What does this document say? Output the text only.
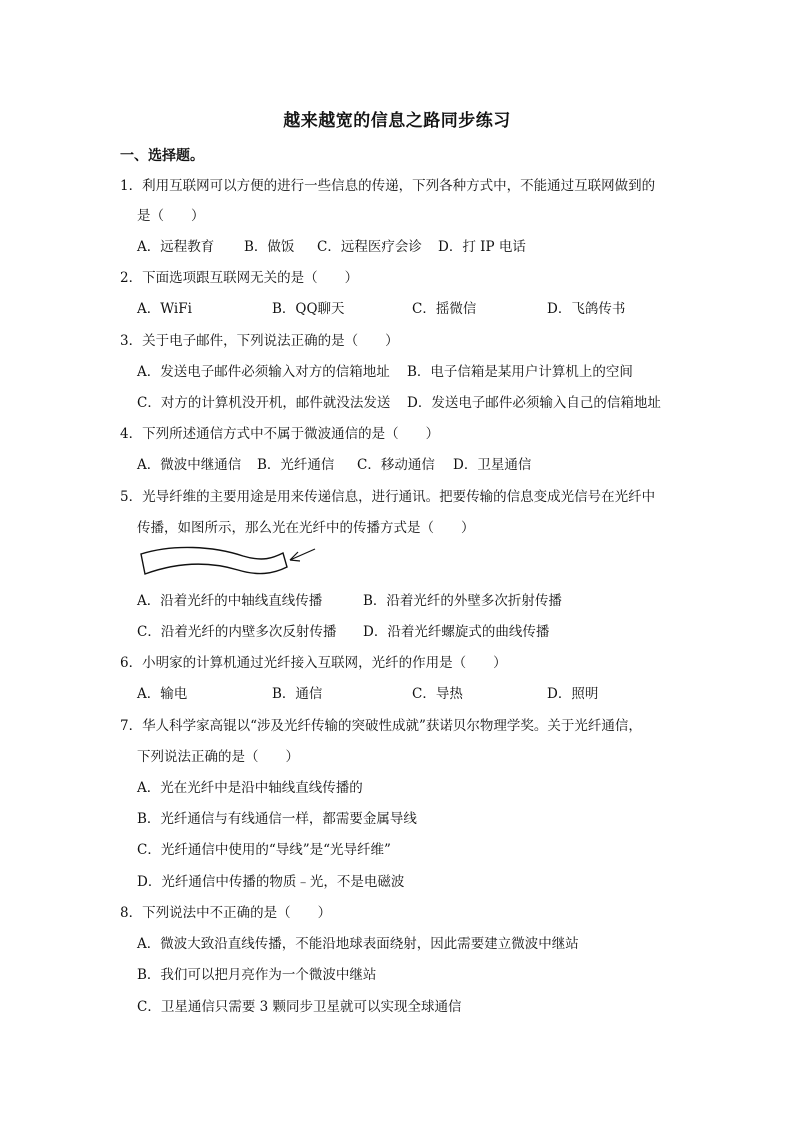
越来越宽的信息之路同步练习
一、选择题。
1．利用互联网可以方便的进行一些信息的传递，下列各种方式中，不能通过互联网做到的
是（　　）
A．远程教育 B．做饭 C．远程医疗会诊 D．打 IP 电话
2．下面选项跟互联网无关的是（　　）
A．WiFi	B．QQ聊天	C．摇微信	D．飞鸽传书
3．关于电子邮件，下列说法正确的是（　　）
A．发送电子邮件必须输入对方的信箱地址 B．电子信箱是某用户计算机上的空间
C．对方的计算机没开机，邮件就没法发送 D．发送电子邮件必须输入自己的信箱地址
4．下列所述通信方式中不属于微波通信的是（　　）
A．微波中继通信 B．光纤通信 C．移动通信 D．卫星通信
5．光导纤维的主要用途是用来传递信息，进行通讯。把要传输的信息变成光信号在光纤中
传播，如图所示，那么光在光纤中的传播方式是（　　）
A．沿着光纤的中轴线直线传播	B．沿着光纤的外壁多次折射传播
C．沿着光纤的内壁多次反射传播 D．沿着光纤螺旋式的曲线传播
6．小明家的计算机通过光纤接入互联网，光纤的作用是（　　）
A．输电	B．通信	C．导热	D．照明
7．华人科学家高锟以“涉及光纤传输的突破性成就”获诺贝尔物理学奖。关于光纤通信，
下列说法正确的是（　　）
A．光在光纤中是沿中轴线直线传播的
B．光纤通信与有线通信一样，都需要金属导线
C．光纤通信中使用的“导线”是“光导纤维”
D．光纤通信中传播的物质﹣光，不是电磁波
8．下列说法中不正确的是（　　）
A．微波大致沿直线传播，不能沿地球表面绕射，因此需要建立微波中继站
B．我们可以把月亮作为一个微波中继站
C．卫星通信只需要 3 颗同步卫星就可以实现全球通信
